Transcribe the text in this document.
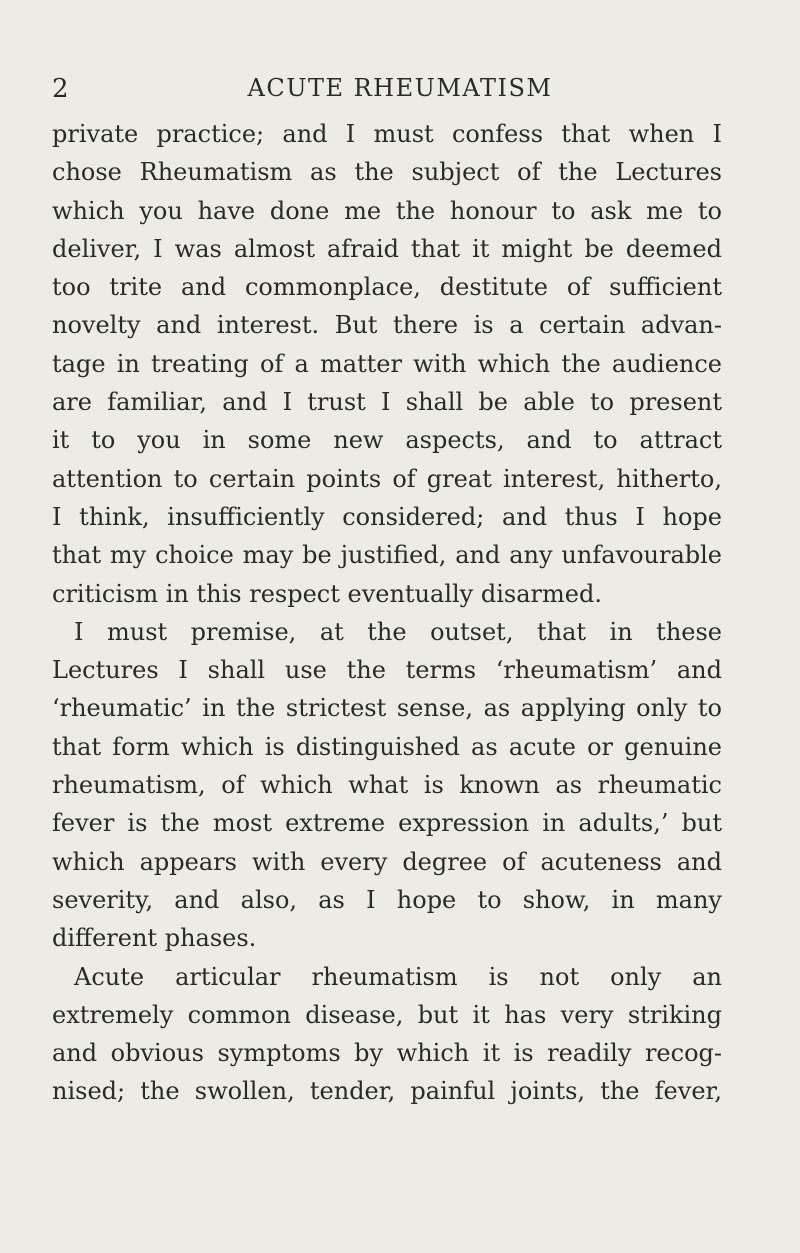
2	ACUTE RHEUMATISM
private practice; and I must confess that when I
chose Rheumatism as the subject of the Lectures
which you have done me the honour to ask me to
deliver, I was almost afraid that it might be deemed
too trite and commonplace, destitute of sufficient
novelty and interest. But there is a certain advan-
tage in treating of a matter with which the audience
are familiar, and I trust I shall be able to present
it to you in some new aspects, and to attract
attention to certain points of great interest, hitherto,
I think, insufficiently considered; and thus I hope
that my choice may be justified, and any unfavourable
criticism in this respect eventually disarmed.
I must premise, at the outset, that in these
Lectures I shall use the terms ‘rheumatism’ and
‘rheumatic’ in the strictest sense, as applying only to
that form which is distinguished as acute or genuine
rheumatism, of which what is known as rheumatic
fever is the most extreme expression in adults,’ but
which appears with every degree of acuteness and
severity, and also, as I hope to show, in many
different phases.
Acute articular rheumatism is not only an
extremely common disease, but it has very striking
and obvious symptoms by which it is readily recog-
nised; the swollen, tender, painful joints, the fever,
